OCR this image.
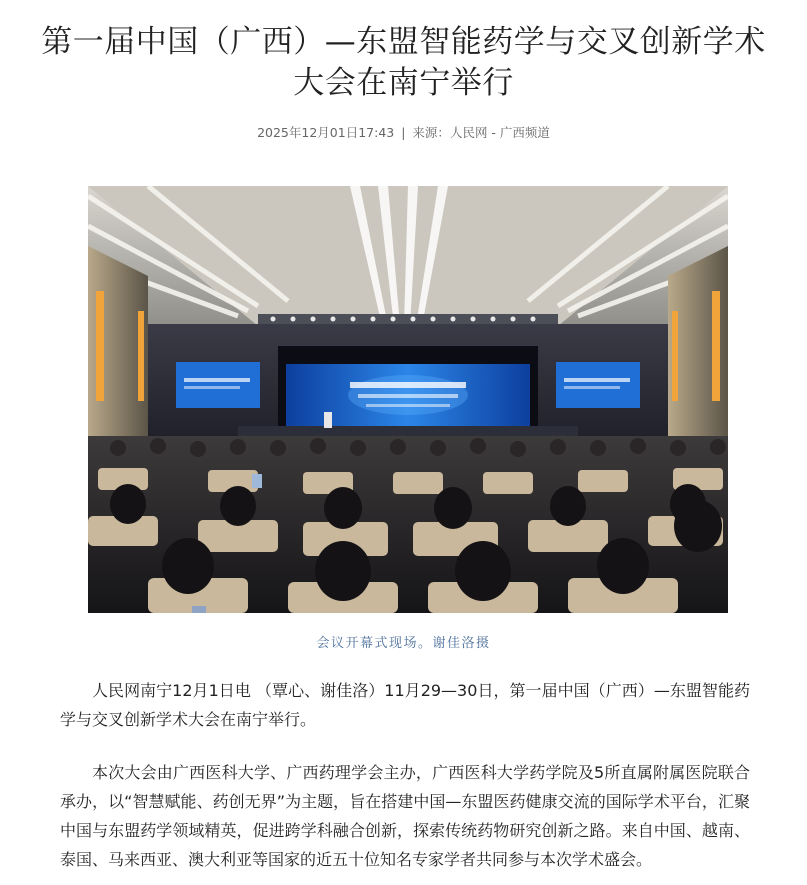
第一届中国（广西）—东盟智能药学与交叉创新学术大会在南宁举行
2025年12月01日17:43 | 来源：人民网 - 广西频道
会议开幕式现场。谢佳洛摄

人民网南宁12月1日电 （覃心、谢佳洛）11月29—30日，第一届中国（广西）—东盟智能药学与交叉创新学术大会在南宁举行。

本次大会由广西医科大学、广西药理学会主办，广西医科大学药学院及5所直属附属医院联合承办，以“智慧赋能、药创无界”为主题，旨在搭建中国—东盟医药健康交流的国际学术平台，汇聚中国与东盟药学领域精英，促进跨学科融合创新，探索传统药物研究创新之路。来自中国、越南、泰国、马来西亚、澳大利亚等国家的近五十位知名专家学者共同参与本次学术盛会。
